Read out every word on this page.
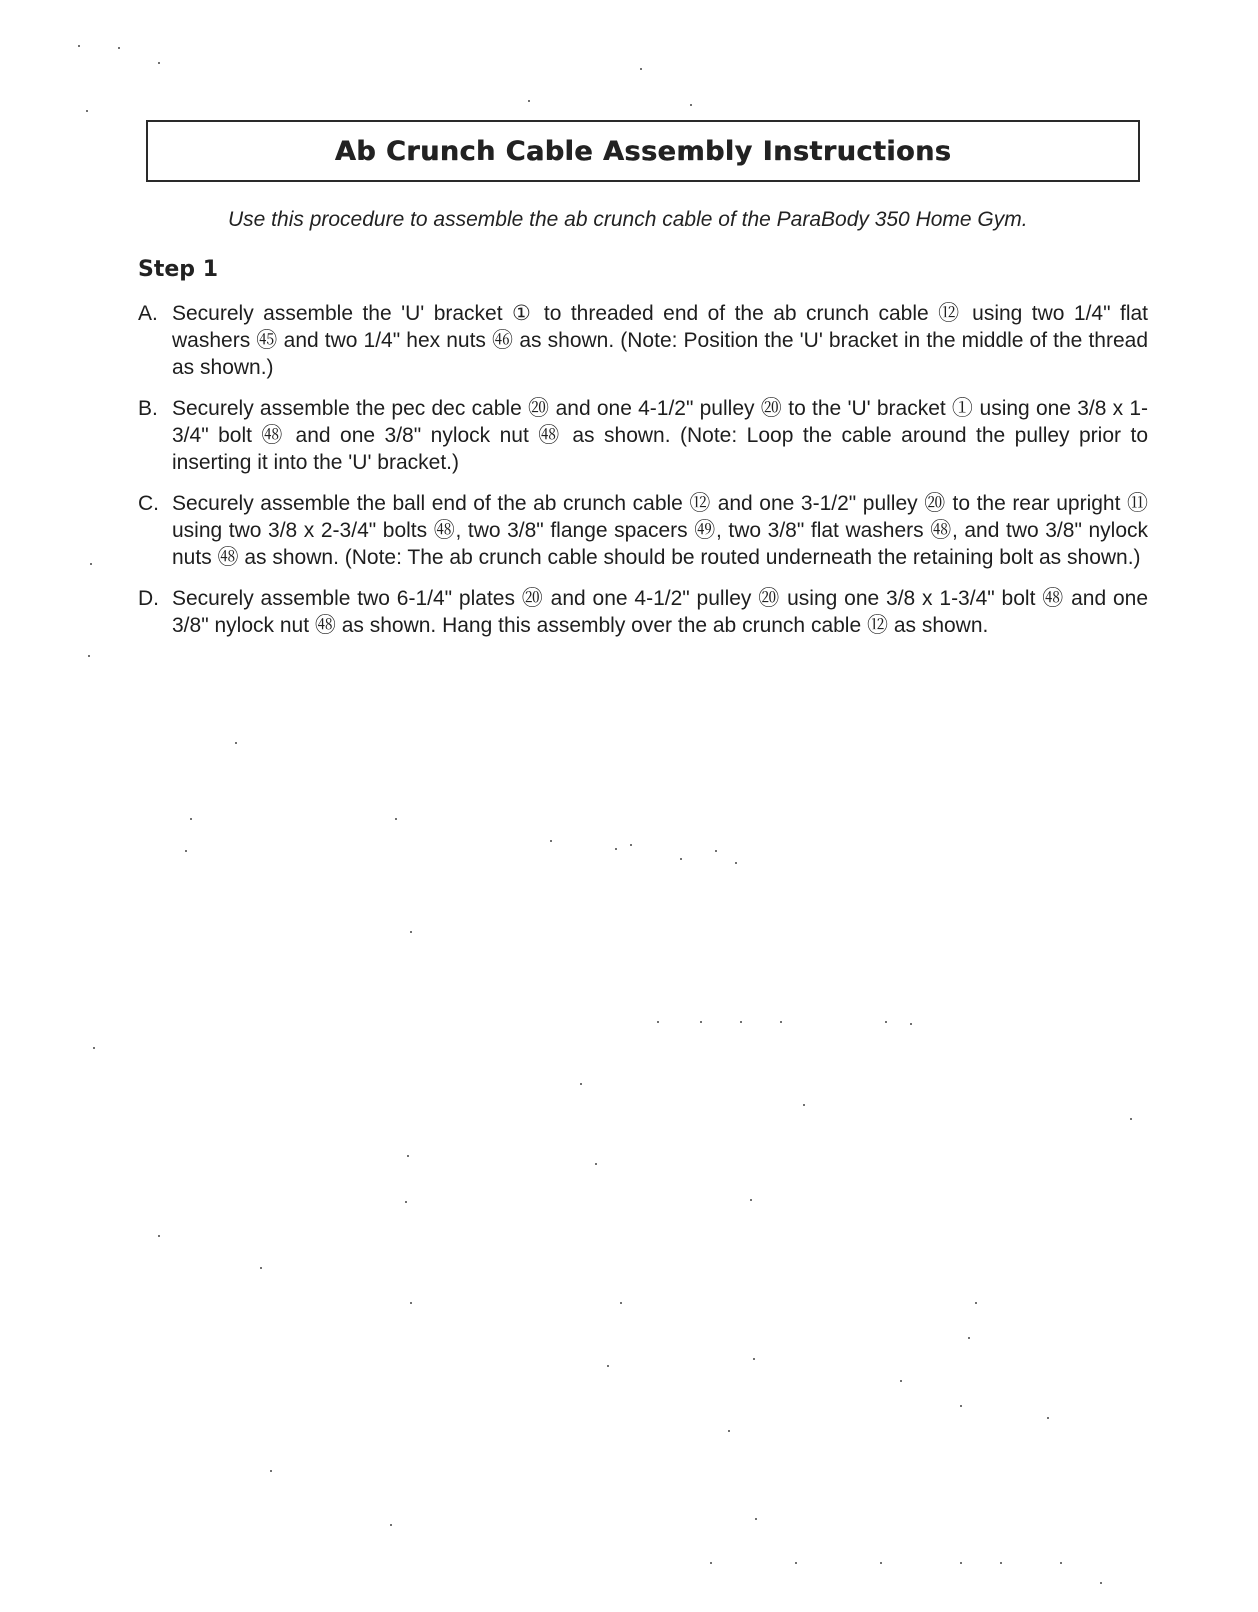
Ab Crunch Cable Assembly Instructions

Use this procedure to assemble the ab crunch cable of the ParaBody 350 Home Gym.

Step 1
A. Securely assemble the 'U' bracket ① to threaded end of the ab crunch cable ⑫ using two 1/4" flat washers ㊺ and two 1/4" hex nuts ㊻ as shown. (Note: Position the 'U' bracket in the middle of the thread as shown.)
B. Securely assemble the pec dec cable ⑳ and one 4-1/2" pulley ⑳ to the 'U' bracket ① using one 3/8 x 1-3/4" bolt ㊽ and one 3/8" nylock nut ㊽ as shown. (Note: Loop the cable around the pulley prior to inserting it into the 'U' bracket.)
C. Securely assemble the ball end of the ab crunch cable ⑫ and one 3-1/2" pulley ⑳ to the rear upright ⑪ using two 3/8 x 2-3/4" bolts ㊽, two 3/8" flange spacers ㊾, two 3/8" flat washers ㊽, and two 3/8" nylock nuts ㊽ as shown. (Note: The ab crunch cable should be routed underneath the retaining bolt as shown.)
D. Securely assemble two 6-1/4" plates ⑳ and one 4-1/2" pulley ⑳ using one 3/8 x 1-3/4" bolt ㊽ and one 3/8" nylock nut ㊽ as shown. Hang this assembly over the ab crunch cable ⑫ as shown.
